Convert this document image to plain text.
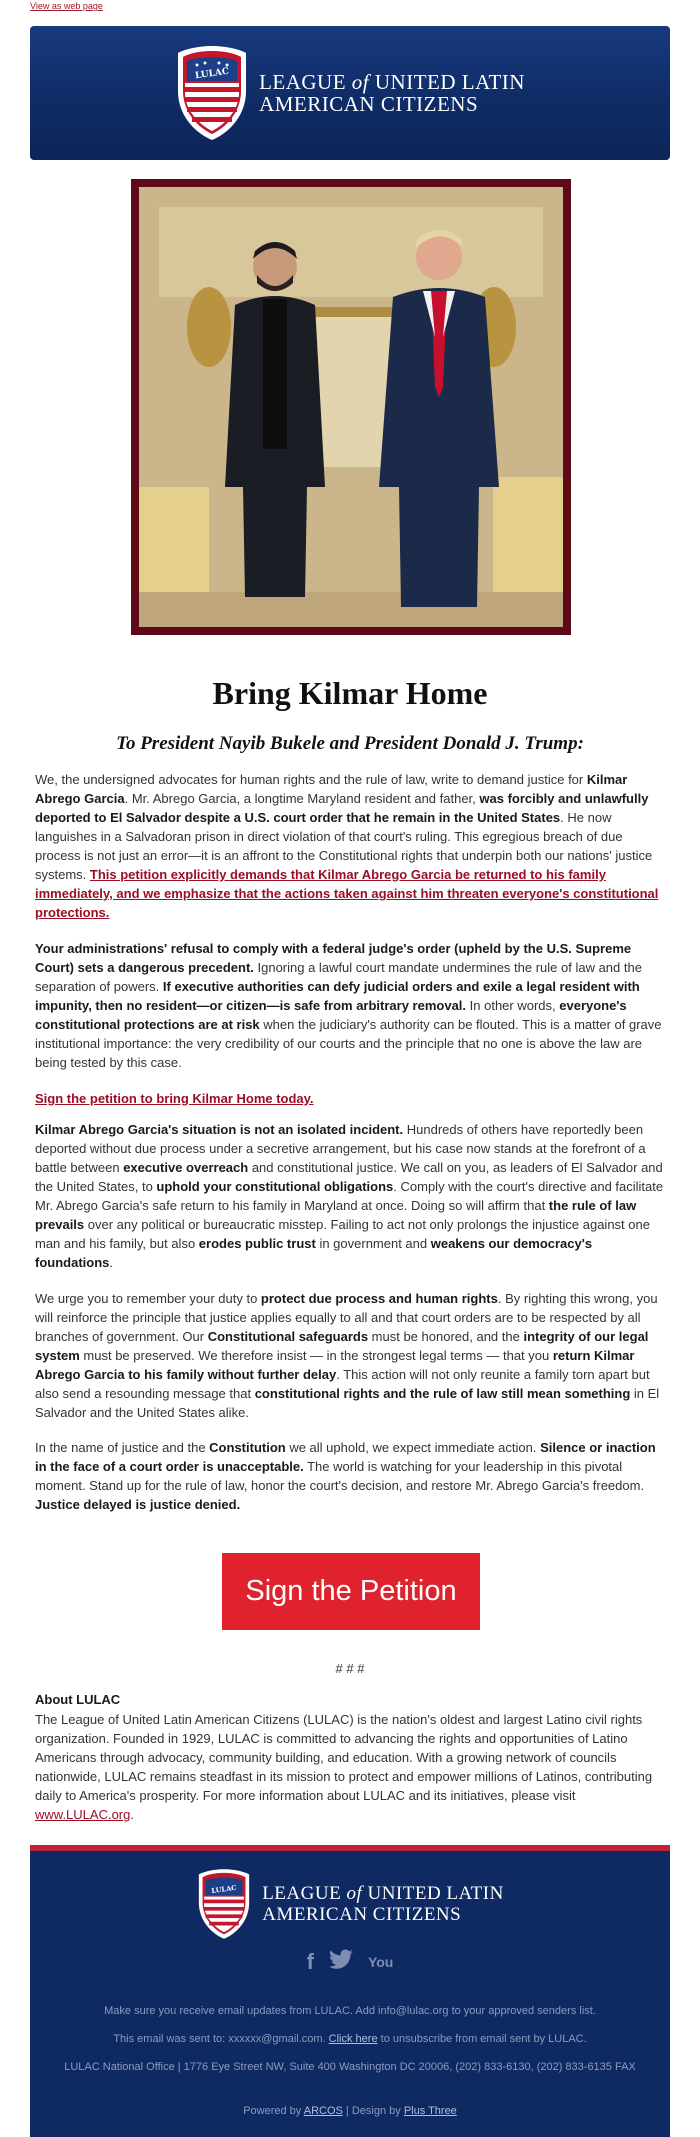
View as web page
LULAC LEAGUE of UNITED LATIN
AMERICAN CITIZENS
Bring Kilmar Home
To President Nayib Bukele and President Donald J. Trump:

We, the undersigned advocates for human rights and the rule of law, write to demand justice for Kilmar Abrego Garcia. Mr. Abrego Garcia, a longtime Maryland resident and father, was forcibly and unlawfully deported to El Salvador despite a U.S. court order that he remain in the United States. He now languishes in a Salvadoran prison in direct violation of that court's ruling. This egregious breach of due process is not just an error—it is an affront to the Constitutional rights that underpin both our nations' justice systems. This petition explicitly demands that Kilmar Abrego Garcia be returned to his family immediately, and we emphasize that the actions taken against him threaten everyone's constitutional protections.

Your administrations' refusal to comply with a federal judge's order (upheld by the U.S. Supreme Court) sets a dangerous precedent. Ignoring a lawful court mandate undermines the rule of law and the separation of powers. If executive authorities can defy judicial orders and exile a legal resident with impunity, then no resident—or citizen—is safe from arbitrary removal. In other words, everyone's constitutional protections are at risk when the judiciary's authority can be flouted. This is a matter of grave institutional importance: the very credibility of our courts and the principle that no one is above the law are being tested by this case.

Sign the petition to bring Kilmar Home today.

Kilmar Abrego Garcia's situation is not an isolated incident. Hundreds of others have reportedly been deported without due process under a secretive arrangement, but his case now stands at the forefront of a battle between executive overreach and constitutional justice. We call on you, as leaders of El Salvador and the United States, to uphold your constitutional obligations. Comply with the court's directive and facilitate Mr. Abrego Garcia's safe return to his family in Maryland at once. Doing so will affirm that the rule of law prevails over any political or bureaucratic misstep. Failing to act not only prolongs the injustice against one man and his family, but also erodes public trust in government and weakens our democracy's foundations.

We urge you to remember your duty to protect due process and human rights. By righting this wrong, you will reinforce the principle that justice applies equally to all and that court orders are to be respected by all branches of government. Our Constitutional safeguards must be honored, and the integrity of our legal system must be preserved. We therefore insist — in the strongest legal terms — that you return Kilmar Abrego Garcia to his family without further delay. This action will not only reunite a family torn apart but also send a resounding message that constitutional rights and the rule of law still mean something in El Salvador and the United States alike.

In the name of justice and the Constitution we all uphold, we expect immediate action. Silence or inaction in the face of a court order is unacceptable. The world is watching for your leadership in this pivotal moment. Stand up for the rule of law, honor the court's decision, and restore Mr. Abrego Garcia's freedom. Justice delayed is justice denied.

Sign the Petition
# # #
About LULAC

The League of United Latin American Citizens (LULAC) is the nation's oldest and largest Latino civil rights organization. Founded in 1929, LULAC is committed to advancing the rights and opportunities of Latino Americans through advocacy, community building, and education. With a growing network of councils nationwide, LULAC remains steadfast in its mission to protect and empower millions of Latinos, contributing daily to America's prosperity. For more information about LULAC and its initiatives, please visit www.LULAC.org.

LULAC LEAGUE of UNITED LATIN
AMERICAN CITIZENS
f	You
Make sure you receive email updates from LULAC. Add info@lulac.org to your approved senders list.
This email was sent to: xxxxxx@gmail.com. Click here to unsubscribe from email sent by LULAC.
LULAC National Office | 1776 Eye Street NW, Suite 400 Washington DC 20006, (202) 833-6130, (202) 833-6135 FAX
Powered by ARCOS | Design by Plus Three
